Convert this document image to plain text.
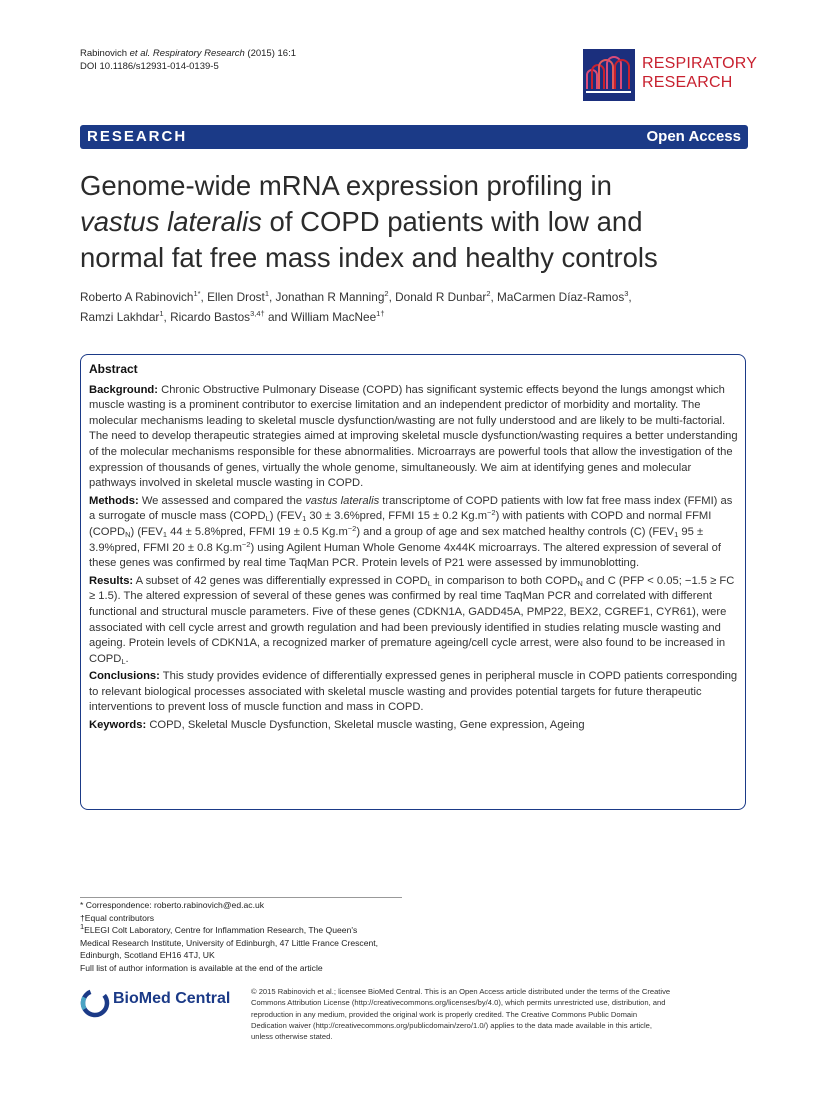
Rabinovich et al. Respiratory Research (2015) 16:1
DOI 10.1186/s12931-014-0139-5	RESPIRATORY
RESEARCH
RESEARCH	Open Access
Genome-wide mRNA expression profiling in
vastus lateralis of COPD patients with low and
normal fat free mass index and healthy controls
Roberto A Rabinovich$^{1*}$, Ellen Drost$^1$, Jonathan R Manning$^2$, Donald R Dunbar$^2$, MaCarmen Díaz-Ramos$^3$,
Ramzi Lakhdar$^1$, Ricardo Bastos$^{3,4\dagger}$ and William MacNee$^{1\dagger}$
Abstract

Background: Chronic Obstructive Pulmonary Disease (COPD) has significant systemic effects beyond the lungs amongst which muscle wasting is a prominent contributor to exercise limitation and an independent predictor of morbidity and mortality. The molecular mechanisms leading to skeletal muscle dysfunction/wasting are not fully understood and are likely to be multi-factorial. The need to develop therapeutic strategies aimed at improving skeletal muscle dysfunction/wasting requires a better understanding of the molecular mechanisms responsible for these abnormalities. Microarrays are powerful tools that allow the investigation of the expression of thousands of genes, virtually the whole genome, simultaneously. We aim at identifying genes and molecular pathways involved in skeletal muscle wasting in COPD.

Methods: We assessed and compared the vastus lateralis transcriptome of COPD patients with low fat free mass index (FFMI) as a surrogate of muscle mass $(COPD_L)$ ($FEV_1$ 30 ± 3.6%pred, FFMI 15 ± 0.2 $Kg.m^{-2}$) with patients with COPD and normal FFMI $(COPD_N)$ ($FEV_1$ 44 ± 5.8%pred, FFMI 19 ± 0.5 $Kg.m^{-2}$) and a group of age and sex matched healthy controls (C) ($FEV_1$ 95 ± 3.9%pred, FFMI 20 ± 0.8 $Kg.m^{-2}$) using Agilent Human Whole Genome 4x44K microarrays. The altered expression of several of these genes was confirmed by real time TaqMan PCR. Protein levels of P21 were assessed by immunoblotting.

Results: A subset of 42 genes was differentially expressed in $COPD_L$ in comparison to both $COPD_N$ and C (PFP < 0.05; −1.5 ≥ FC ≥ 1.5). The altered expression of several of these genes was confirmed by real time TaqMan PCR and correlated with different functional and structural muscle parameters. Five of these genes (CDKN1A, GADD45A, PMP22, BEX2, CGREF1, CYR61), were associated with cell cycle arrest and growth regulation and had been previously identified in studies relating muscle wasting and ageing. Protein levels of CDKN1A, a recognized marker of premature ageing/cell cycle arrest, were also found to be increased in $COPD_L$.

Conclusions: This study provides evidence of differentially expressed genes in peripheral muscle in COPD patients corresponding to relevant biological processes associated with skeletal muscle wasting and provides potential targets for future therapeutic interventions to prevent loss of muscle function and mass in COPD.

Keywords: COPD, Skeletal Muscle Dysfunction, Skeletal muscle wasting, Gene expression, Ageing

* Correspondence: roberto.rabinovich@ed.ac.uk
†Equal contributors
1ELEGI Colt Laboratory, Centre for Inflammation Research, The Queen's
Medical Research Institute, University of Edinburgh, 47 Little France Crescent,
Edinburgh, Scotland EH16 4TJ, UK
Full list of author information is available at the end of the article
BioMed Central	© 2015 Rabinovich et al.; licensee BioMed Central. This is an Open Access article distributed under the terms of the Creative
Commons Attribution License (http://creativecommons.org/licenses/by/4.0), which permits unrestricted use, distribution, and
reproduction in any medium, provided the original work is properly credited. The Creative Commons Public Domain
Dedication waiver (http://creativecommons.org/publicdomain/zero/1.0/) applies to the data made available in this article,
unless otherwise stated.
